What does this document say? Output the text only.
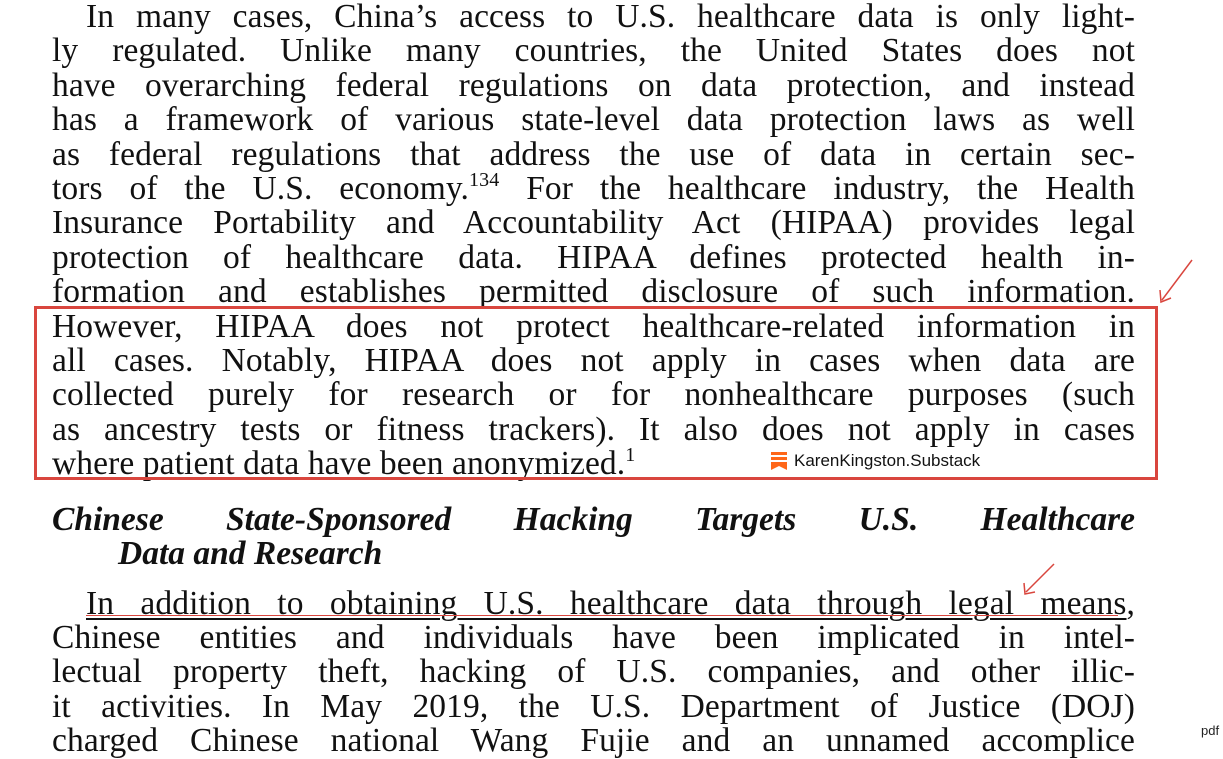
In many cases, China’s access to U.S. healthcare data is only light-
ly regulated. Unlike many countries, the United States does not
have overarching federal regulations on data protection, and instead
has a framework of various state-level data protection laws as well
as federal regulations that address the use of data in certain sec-
tors of the U.S. economy.$^{134}$ For the healthcare industry, the Health
Insurance Portability and Accountability Act (HIPAA) provides legal
protection of healthcare data. HIPAA defines protected health in-
formation and establishes permitted disclosure of such information.
However, HIPAA does not protect healthcare-related information in
all cases. Notably, HIPAA does not apply in cases when data are
collected purely for research or for nonhealthcare purposes (such
as ancestry tests or fitness trackers). It also does not apply in cases
where patient data have been anonymized.$^1$
Chinese State-Sponsored Hacking Targets U.S. Healthcare
Data and Research
In addition to obtaining U.S. healthcare data through legal means,
Chinese entities and individuals have been implicated in intel-
lectual property theft, hacking of U.S. companies, and other illic-
it activities. In May 2019, the U.S. Department of Justice (DOJ)
charged Chinese national Wang Fujie and an unnamed accomplice
KarenKingston.Substack
pdf
